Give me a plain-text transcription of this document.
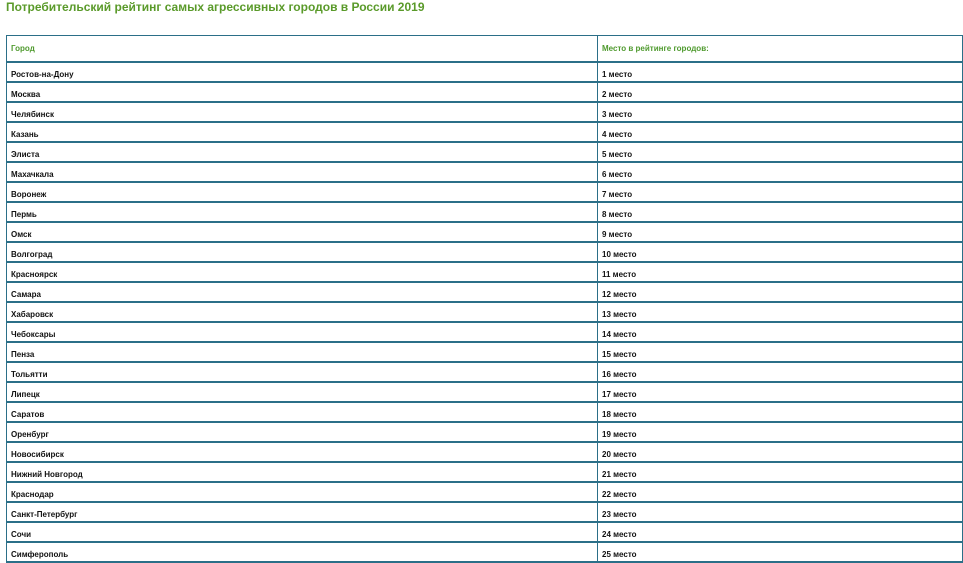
Потребительский рейтинг самых агрессивных городов в России 2019
Город	Место в рейтинге городов:
Ростов-на-Дону	1 место
Москва	2 место
Челябинск	3 место
Казань	4 место
Элиста	5 место
Махачкала	6 место
Воронеж	7 место
Пермь	8 место
Омск	9 место
Волгоград	10 место
Красноярск	11 место
Самара	12 место
Хабаровск	13 место
Чебоксары	14 место
Пенза	15 место
Тольятти	16 место
Липецк	17 место
Саратов	18 место
Оренбург	19 место
Новосибирск	20 место
Нижний Новгород	21 место
Краснодар	22 место
Санкт-Петербург	23 место
Сочи	24 место
Симферополь	25 место
